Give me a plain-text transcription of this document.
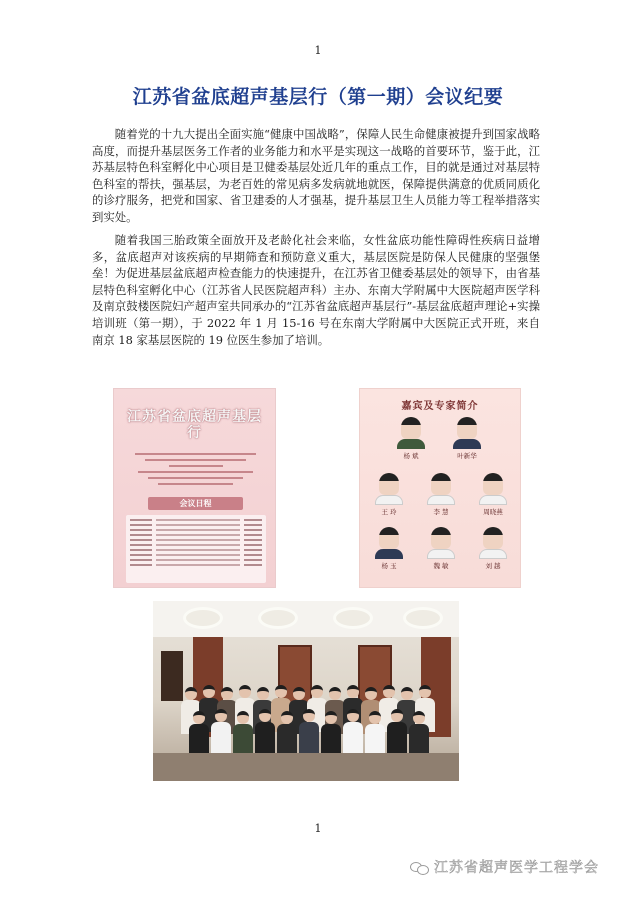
1
江苏省盆底超声基层行（第一期）会议纪要

随着党的十九大提出全面实施“健康中国战略”，保障人民生命健康被提升到国家战略高度，而提升基层医务工作者的业务能力和水平是实现这一战略的首要环节，鉴于此，江苏基层特色科室孵化中心项目是卫健委基层处近几年的重点工作，目的就是通过对基层特色科室的帮扶，强基层，为老百姓的常见病多发病就地就医，保障提供满意的优质同质化的诊疗服务，把党和国家、省卫建委的人才强基，提升基层卫生人员能力等工程举措落实到实处。

随着我国三胎政策全面放开及老龄化社会来临，女性盆底功能性障碍性疾病日益增多，盆底超声对该疾病的早期筛查和预防意义重大，基层医院是防保人民健康的坚强堡垒！为促进基层盆底超声检查能力的快速提升，在江苏省卫健委基层处的领导下，由省基层特色科室孵化中心（江苏省人民医院超声科）主办、东南大学附属中大医院超声医学科及南京鼓楼医院妇产超声室共同承办的“江苏省盆底超声基层行”-基层盆底超声理论+实操培训班（第一期），于 2022 年 1 月 15-16 号在东南大学附属中大医院正式开班，来自南京 18 家基层医院的 19 位医生参加了培训。

江苏省盆底超声基层行
会议日程
嘉宾及专家简介
杨 斌	叶新华
王 玲	李 慧	周晓燕
杨 玉	魏 敏	刘 越
1
江苏省超声医学工程学会
